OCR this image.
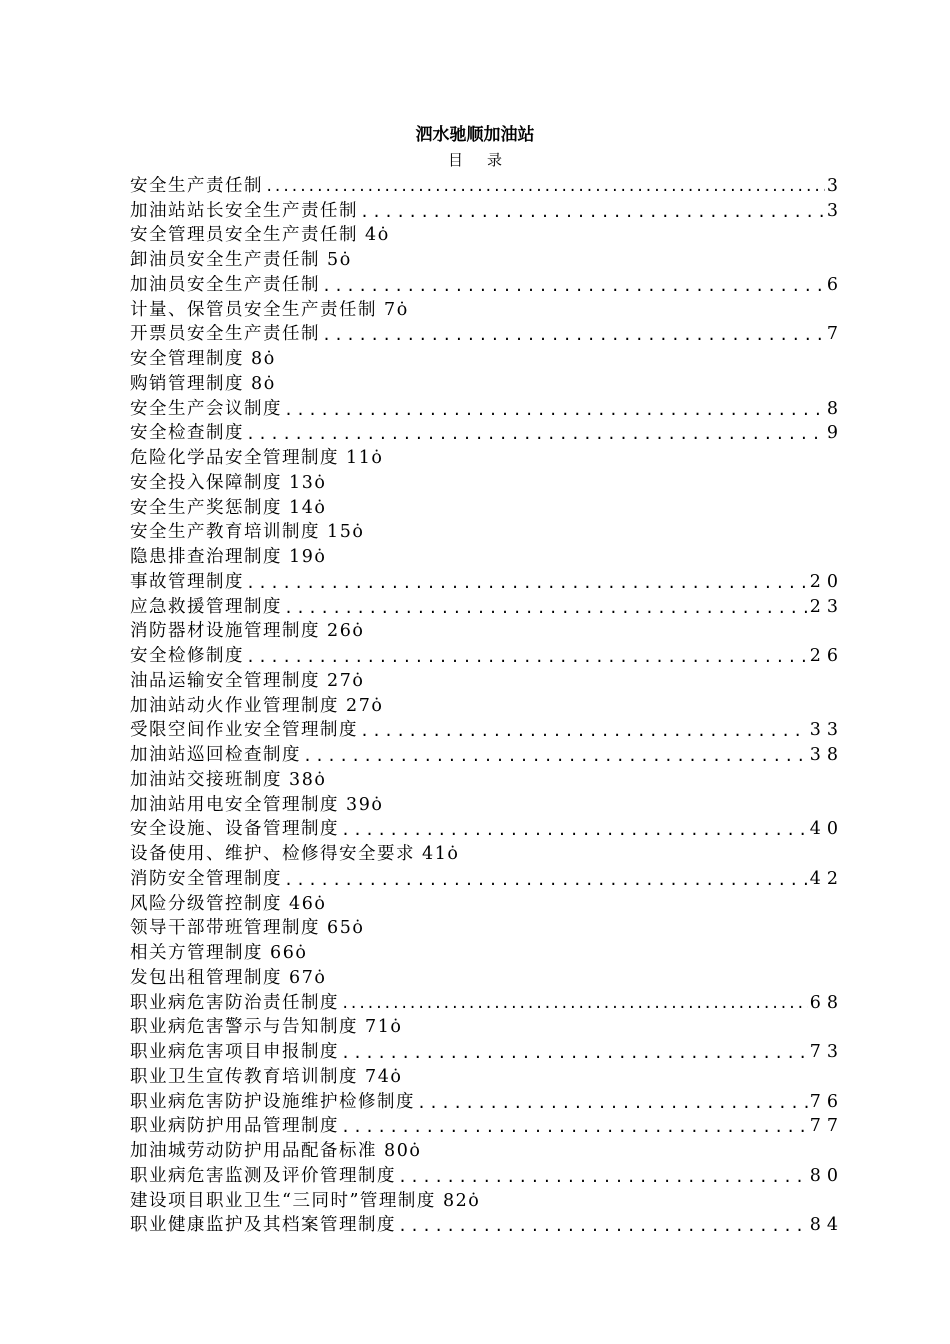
泗水驰顺加油站
目录
安全生产责任制 .....	3
加油站站长安全生产责任制 .....	3
安全管理员安全生产责任制 4ȯ
卸油员安全生产责任制 5ȯ
加油员安全生产责任制 .....	6
计量、保管员安全生产责任制 7ȯ
开票员安全生产责任制 .....	7
安全管理制度 8ȯ
购销管理制度 8ȯ
安全生产会议制度 .....	8
安全检查制度 .....	9
危险化学品安全管理制度 11ȯ
安全投入保障制度 13ȯ
安全生产奖惩制度 14ȯ
安全生产教育培训制度 15ȯ
隐患排查治理制度 19ȯ
事故管理制度 .....	20
应急救援管理制度 .....	23
消防器材设施管理制度 26ȯ
安全检修制度 .....	26
油品运输安全管理制度 27ȯ
加油站动火作业管理制度 27ȯ
受限空间作业安全管理制度 .....	33
加油站巡回检查制度 .....	38
加油站交接班制度 38ȯ
加油站用电安全管理制度 39ȯ
安全设施、设备管理制度 .....	40
设备使用、维护、检修得安全要求 41ȯ
消防安全管理制度 .....	42
风险分级管控制度 46ȯ
领导干部带班管理制度 65ȯ
相关方管理制度 66ȯ
发包出租管理制度 67ȯ
职业病危害防治责任制度 .....	68
职业病危害警示与告知制度 71ȯ
职业病危害项目申报制度 .....	73
职业卫生宣传教育培训制度 74ȯ
职业病危害防护设施维护检修制度 .....	76
职业病防护用品管理制度 .....	77
加油城劳动防护用品配备标准 80ȯ
职业病危害监测及评价管理制度 .....	80
建设项目职业卫生“三同时”管理制度 82ȯ
职业健康监护及其档案管理制度 .....	84
